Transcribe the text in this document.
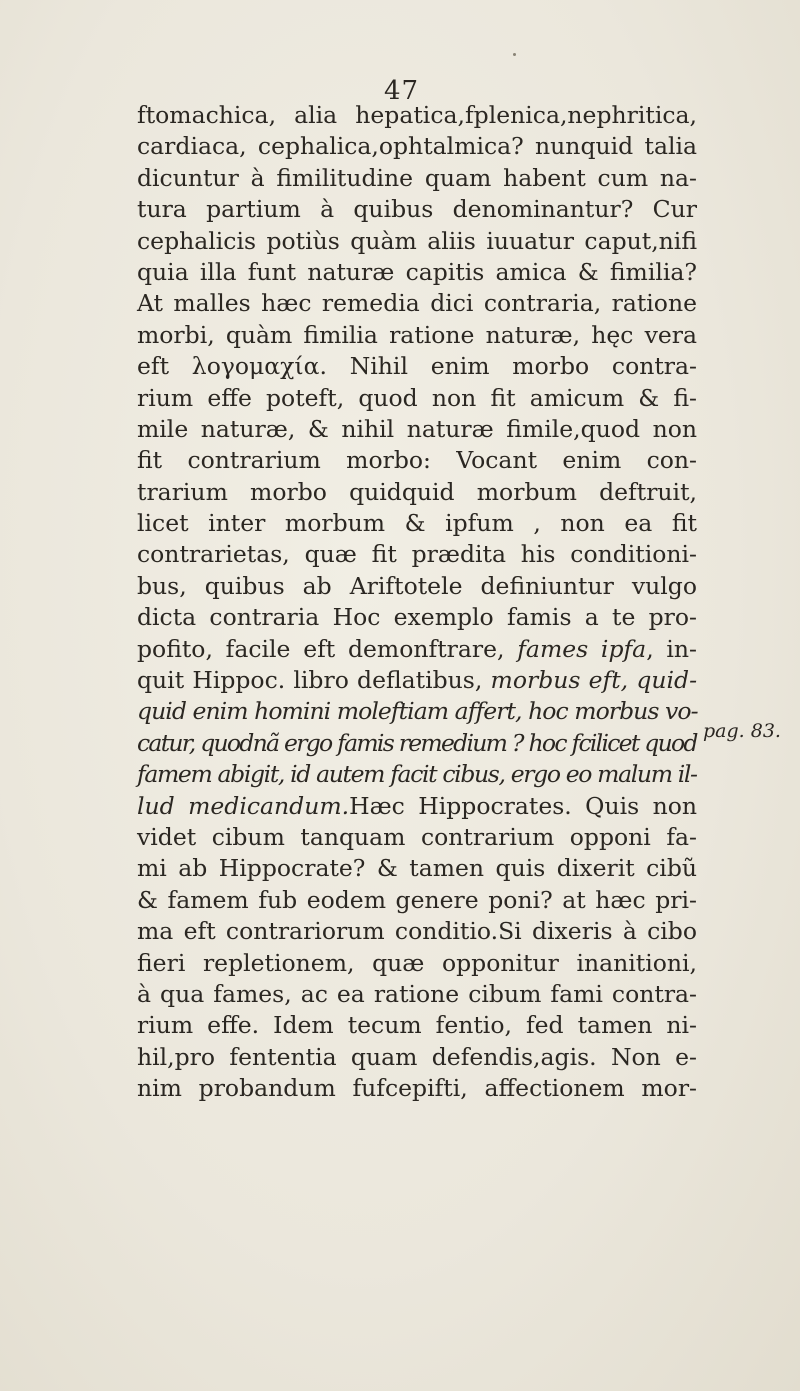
47
ftomachica, alia hepatica,fplenica,nephritica,
cardiaca, cephalica,ophtalmica? nunquid talia
dicuntur à fimilitudine quam habent cum na-
tura partium à quibus denominantur? Cur
cephalicis potiùs quàm aliis iuuatur caput,nifi
quia illa funt naturæ capitis amica & fimilia?
At malles hæc remedia dici contraria, ratione
morbi, quàm fimilia ratione naturæ, hęc vera
eft λογομαχία. Nihil enim morbo contra-
rium effe poteft, quod non fit amicum & fi-
mile naturæ, & nihil naturæ fimile,quod non
fit contrarium morbo: Vocant enim con-
trarium morbo quidquid morbum deftruit,
licet inter morbum & ipfum , non ea fit
contrarietas, quæ fit prædita his conditioni-
bus, quibus ab Ariftotele definiuntur vulgo
dicta contraria Hoc exemplo famis a te pro-
pofito, facile eft demonftrare, fames ipfa, in-
quit Hippoc. libro deflatibus, morbus eft, quid-
quid enim homini moleftiam affert, hoc morbus vo-
catur, quodnã ergo famis remedium ? hoc fcilicet quod
famem abigit, id autem facit cibus, ergo eo malum il-
lud medicandum.Hæc Hippocrates. Quis non
videt cibum tanquam contrarium opponi fa-
mi ab Hippocrate? & tamen quis dixerit cibũ
& famem fub eodem genere poni? at hæc pri-
ma eft contrariorum conditio.Si dixeris à cibo
fieri repletionem, quæ opponitur inanitioni,
à qua fames, ac ea ratione cibum fami contra-
rium effe. Idem tecum fentio, fed tamen ni-
hil,pro fententia quam defendis,agis. Non e-
nim probandum fufcepifti, affectionem mor-
pag. 83.
